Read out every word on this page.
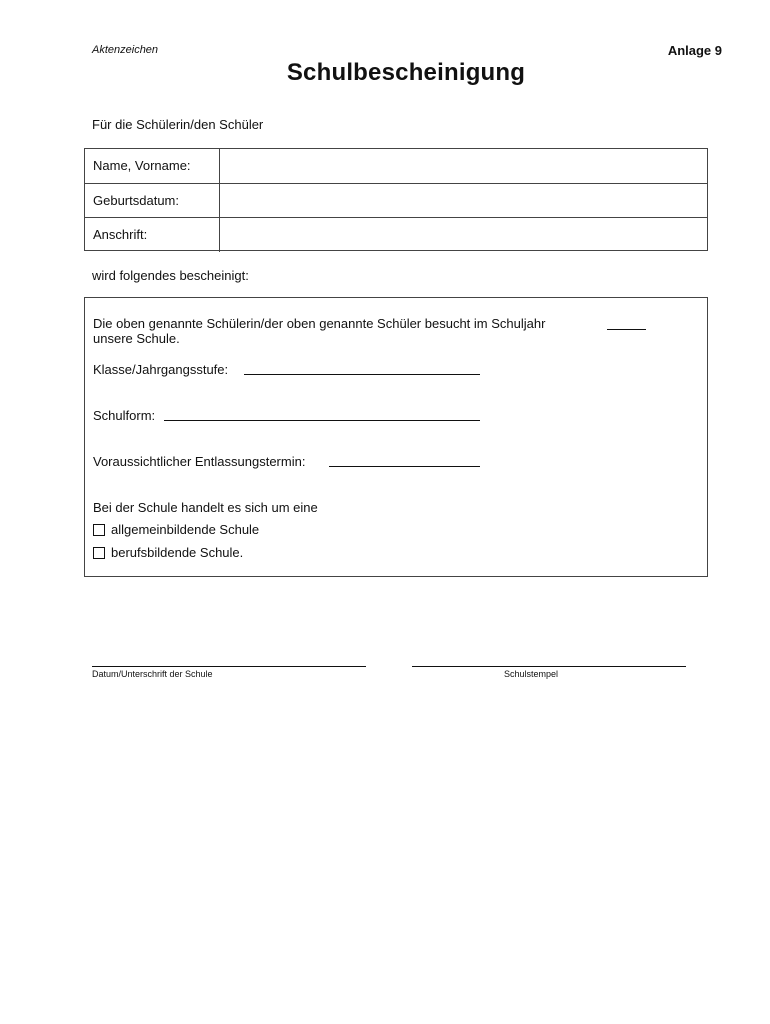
Aktenzeichen	Anlage 9
Schulbescheinigung
Für die Schülerin/den Schüler
Name, Vorname:
Geburtsdatum:
Anschrift:
wird folgendes bescheinigt:
Die oben genannte Schülerin/der oben genannte Schüler besucht im Schuljahr
unsere Schule.
Klasse/Jahrgangsstufe:
Schulform:
Voraussichtlicher Entlassungstermin:
Bei der Schule handelt es sich um eine
allgemeinbildende Schule
berufsbildende Schule.
Datum/Unterschrift der Schule	Schulstempel
